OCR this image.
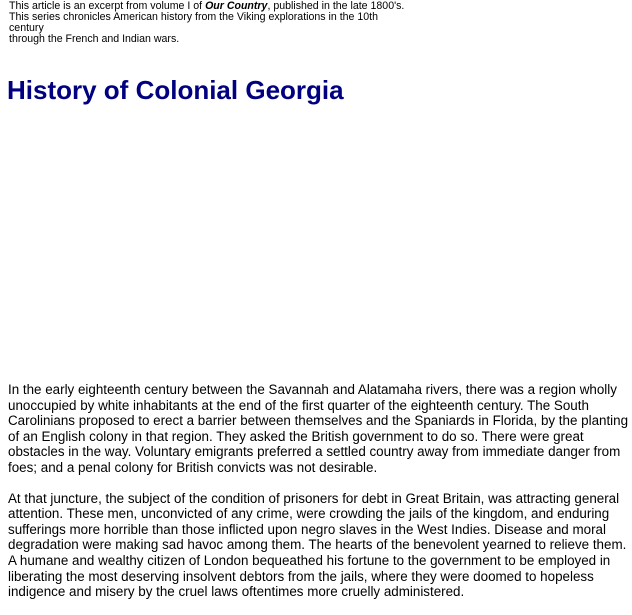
This article is an excerpt from volume I of Our Country, published in the late 1800's.
This series chronicles American history from the Viking explorations in the 10th century
through the French and Indian wars.

History of Colonial Georgia

In the early eighteenth century between the Savannah and Alatamaha rivers, there was a region wholly unoccupied by white inhabitants at the end of the first quarter of the eighteenth century. The South Carolinians proposed to erect a barrier between themselves and the Spaniards in Florida, by the planting of an English colony in that region. They asked the British government to do so. There were great obstacles in the way. Voluntary emigrants preferred a settled country away from immediate danger from foes; and a penal colony for British convicts was not desirable.

At that juncture, the subject of the condition of prisoners for debt in Great Britain, was attracting general attention. These men, unconvicted of any crime, were crowding the jails of the kingdom, and enduring sufferings more horrible than those inflicted upon negro slaves in the West Indies. Disease and moral degradation were making sad havoc among them. The hearts of the benevolent yearned to relieve them. A humane and wealthy citizen of London bequeathed his fortune to the government to be employed in liberating the most deserving insolvent debtors from the jails, where they were doomed to hopeless indigence and misery by the cruel laws oftentimes more cruelly administered.
